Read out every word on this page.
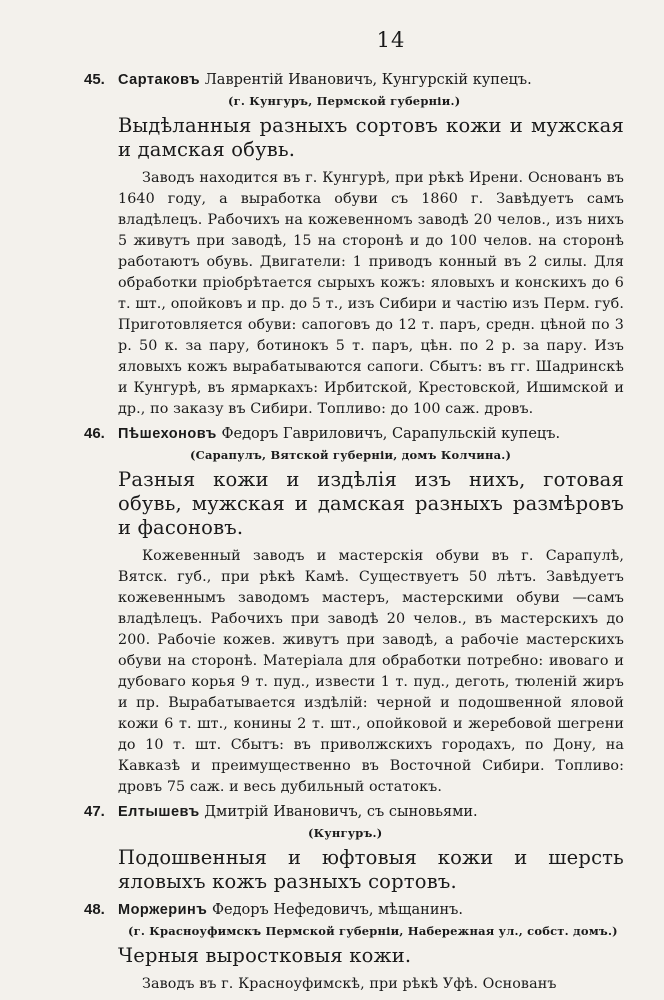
14

45. Сартаковъ Лаврентій Ивановичъ, Кунгурскій купецъ.

(г. Кунгуръ, Пермской губерніи.)

Выдѣланныя разныхъ сортовъ кожи и мужская и дамская обувь.

Заводъ находится въ г. Кунгурѣ, при рѣкѣ Ирени. Основанъ въ 1640 году, а выработка обуви съ 1860 г. Завѣдуетъ самъ владѣлецъ. Рабочихъ на кожевенномъ заводѣ 20 челов., изъ нихъ 5 живутъ при заводѣ, 15 на сторонѣ и до 100 челов. на сторонѣ работаютъ обувь. Двигатели: 1 приводъ конный въ 2 силы. Для обработки пріобрѣтается сырыхъ кожъ: яловыхъ и конскихъ до 6 т. шт., опойковъ и пр. до 5 т., изъ Сибири и частію изъ Перм. губ. Приготовляется обуви: сапоговъ до 12 т. паръ, средн. цѣной по 3 р. 50 к. за пару, ботинокъ 5 т. паръ, цѣн. по 2 р. за пару. Изъ яловыхъ кожъ вырабатываются сапоги. Сбытъ: въ гг. Шадринскѣ и Кунгурѣ, въ ярмаркахъ: Ирбитской, Крестовской, Ишимской и др., по заказу въ Сибири. Топливо: до 100 саж. дровъ.

46. Пѣшехоновъ Федоръ Гавриловичъ, Сарапульскій купецъ.

(Сарапулъ, Вятской губерніи, домъ Колчина.)

Разныя кожи и издѣлія изъ нихъ, готовая обувь, мужская и дамская разныхъ размѣровъ и фасоновъ.

Кожевенный заводъ и мастерскія обуви въ г. Сарапулѣ, Вятск. губ., при рѣкѣ Камѣ. Существуетъ 50 лѣтъ. Завѣдуетъ кожевеннымъ заводомъ мастеръ, мастерскими обуви —самъ владѣлецъ. Рабочихъ при заводѣ 20 челов., въ мастерскихъ до 200. Рабочіе кожев. живутъ при заводѣ, а рабочіе мастерскихъ обуви на сторонѣ. Матеріала для обработки потребно: ивоваго и дубоваго корья 9 т. пуд., извести 1 т. пуд., деготь, тюленій жиръ и пр. Вырабатывается издѣлій: черной и подошвенной яловой кожи 6 т. шт., конины 2 т. шт., опойковой и жеребовой шегрени до 10 т. шт. Сбытъ: въ приволжскихъ городахъ, по Дону, на Кавказѣ и преимущественно въ Восточной Сибири. Топливо: дровъ 75 саж. и весь дубильный остатокъ.

47. Елтышевъ Дмитрій Ивановичъ, съ сыновьями.

(Кунгуръ.)

Подошвенныя и юфтовыя кожи и шерсть яловыхъ кожъ разныхъ сортовъ.

48. Моржеринъ Федоръ Нефедовичъ, мѣщанинъ.

(г. Красноуфимскъ Пермской губерніи, Набережная ул., собст. домъ.)

Черныя выростковыя кожи.

Заводъ въ г. Красноуфимскѣ, при рѣкѣ Уфѣ. Основанъ
